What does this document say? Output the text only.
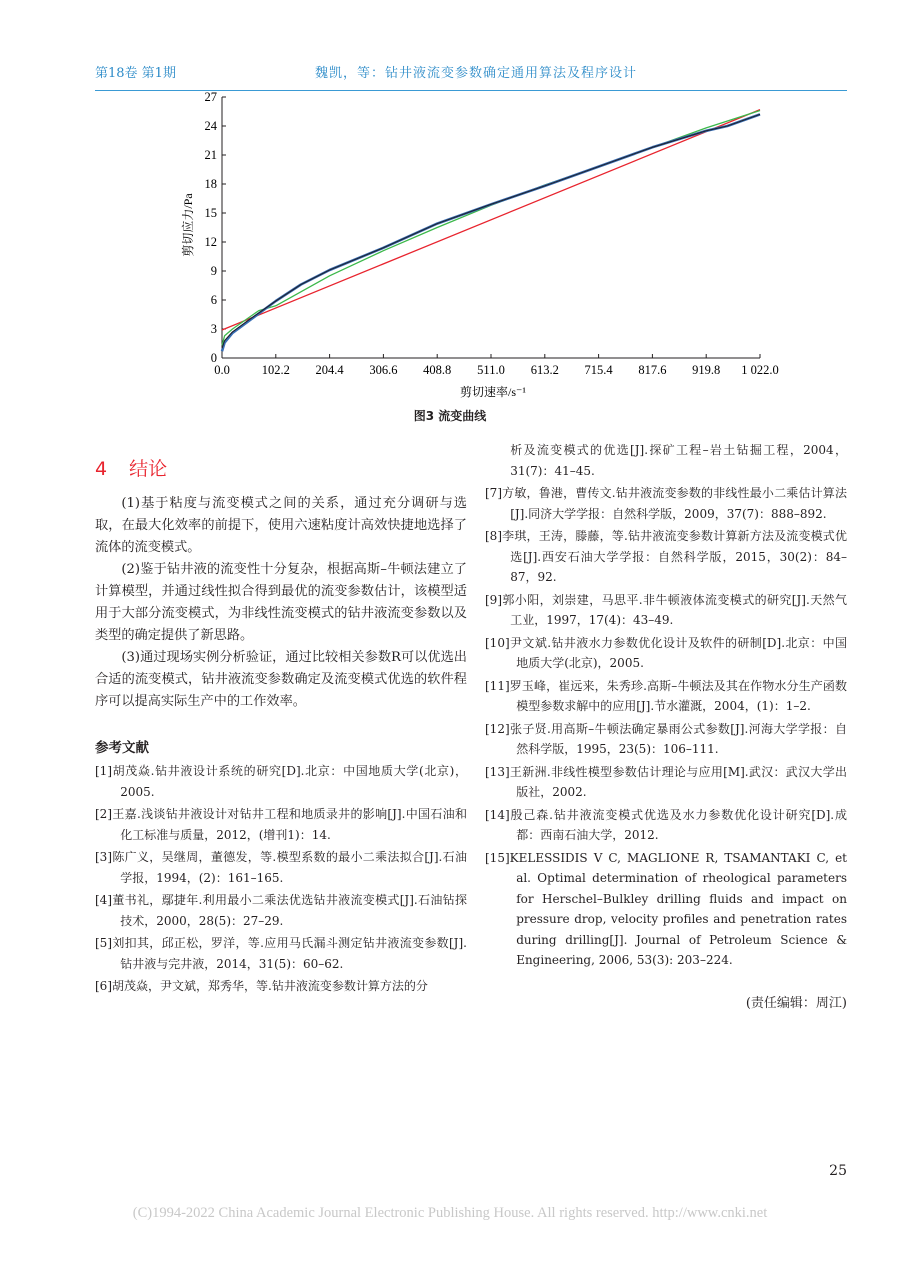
第18卷 第1期	魏凯，等：钻井液流变参数确定通用算法及程序设计
0.0	102.2 204.4 306.6 408.8 511.0 613.2 715.4 817.6 919.8 1 022.0
0
3
6
9
12
15
18
21
24
27
剪切应力/Pa
剪切速率/s⁻¹
图3 流变曲线
4 结论

(1)基于粘度与流变模式之间的关系，通过充分调研与选取，在最大化效率的前提下，使用六速粘度计高效快捷地选择了流体的流变模式。

(2)鉴于钻井液的流变性十分复杂，根据高斯–牛顿法建立了计算模型，并通过线性拟合得到最优的流变参数估计，该模型适用于大部分流变模式，为非线性流变模式的钻井液流变参数以及类型的确定提供了新思路。

(3)通过现场实例分析验证，通过比较相关参数R可以优选出合适的流变模式，钻井液流变参数确定及流变模式优选的软件程序可以提高实际生产中的工作效率。

参考文献

[1]胡茂焱.钻井液设计系统的研究[D].北京：中国地质大学(北京)，2005.

[2]王嘉.浅谈钻井液设计对钻井工程和地质录井的影响[J].中国石油和化工标准与质量，2012，(增刊1)：14.

[3]陈广义，吴继周，董德发，等.模型系数的最小二乘法拟合[J].石油学报，1994，(2)：161–165.

[4]董书礼，鄢捷年.利用最小二乘法优选钻井液流变模式[J].石油钻探技术，2000，28(5)：27–29.

[5]刘扣其，邱正松，罗洋，等.应用马氏漏斗测定钻井液流变参数[J].钻井液与完井液，2014，31(5)：60–62.

[6]胡茂焱，尹文斌，郑秀华，等.钻井液流变参数计算方法的分

析及流变模式的优选[J].探矿工程–岩土钻掘工程，2004，31(7)：41–45.

[7]方敏，鲁港，曹传文.钻井液流变参数的非线性最小二乘估计算法[J].同济大学学报：自然科学版，2009，37(7)：888–892.

[8]李琪，王涛，滕藤，等.钻井液流变参数计算新方法及流变模式优选[J].西安石油大学学报：自然科学版，2015，30(2)：84–87，92.

[9]郭小阳，刘崇建，马思平.非牛顿液体流变模式的研究[J].天然气工业，1997，17(4)：43–49.

[10]尹文斌.钻井液水力参数优化设计及软件的研制[D].北京：中国地质大学(北京)，2005.

[11]罗玉峰，崔远来，朱秀珍.高斯–牛顿法及其在作物水分生产函数模型参数求解中的应用[J].节水灌溉，2004，(1)：1–2.

[12]张子贤.用高斯–牛顿法确定暴雨公式参数[J].河海大学学报：自然科学版，1995，23(5)：106–111.

[13]王新洲.非线性模型参数估计理论与应用[M].武汉：武汉大学出版社，2002.

[14]殷己森.钻井液流变模式优选及水力参数优化设计研究[D].成都：西南石油大学，2012.

[15]KELESSIDIS V C, MAGLIONE R, TSAMANTAKI C, et al. Optimal determination of rheological parameters for Herschel–Bulkley drilling fluids and impact on pressure drop, velocity profiles and penetration rates during drilling[J]. Journal of Petroleum Science & Engineering, 2006, 53(3): 203–224.

(责任编辑：周江)
25
(C)1994-2022 China Academic Journal Electronic Publishing House. All rights reserved. http://www.cnki.net
